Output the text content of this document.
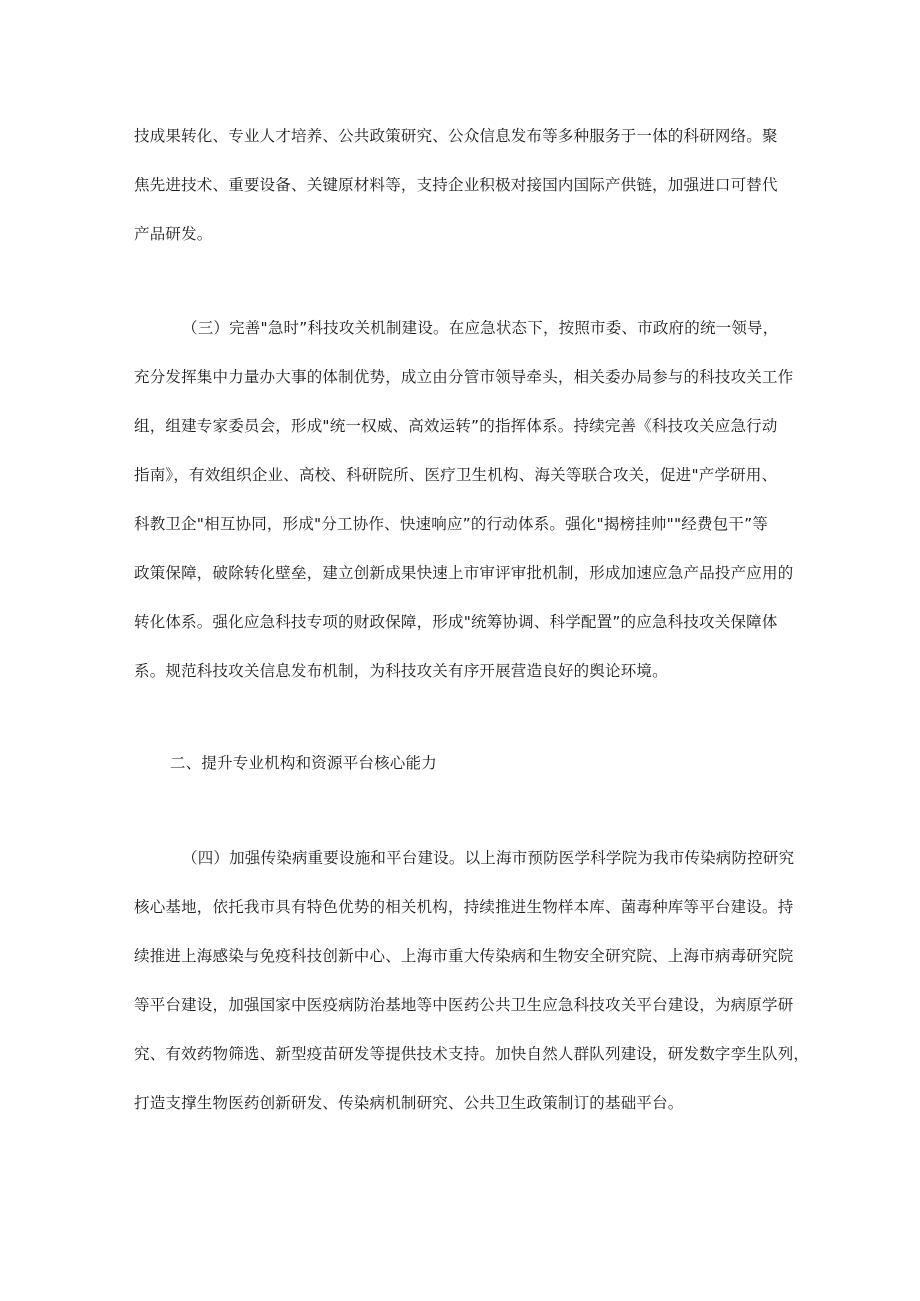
技成果转化、专业人才培养、公共政策研究、公众信息发布等多种服务于一体的科研网络。聚
焦先进技术、重要设备、关键原材料等，支持企业积极对接国内国际产供链，加强进口可替代
产品研发。
（三）完善"急时”科技攻关机制建设。在应急状态下，按照市委、市政府的统一领导，
充分发挥集中力量办大事的体制优势，成立由分管市领导牵头，相关委办局参与的科技攻关工作
组，组建专家委员会，形成"统一权威、高效运转”的指挥体系。持续完善《科技攻关应急行动
指南》，有效组织企业、高校、科研院所、医疗卫生机构、海关等联合攻关，促进"产学研用、
科教卫企"相互协同，形成"分工协作、快速响应”的行动体系。强化"揭榜挂帅""经费包干”等
政策保障，破除转化壁垒，建立创新成果快速上市审评审批机制，形成加速应急产品投产应用的
转化体系。强化应急科技专项的财政保障，形成"统筹协调、科学配置”的应急科技攻关保障体
系。规范科技攻关信息发布机制，为科技攻关有序开展营造良好的舆论环境。
二、提升专业机构和资源平台核心能力
（四）加强传染病重要设施和平台建设。以上海市预防医学科学院为我市传染病防控研究
核心基地，依托我市具有特色优势的相关机构，持续推进生物样本库、菌毒种库等平台建设。持
续推进上海感染与免疫科技创新中心、上海市重大传染病和生物安全研究院、上海市病毒研究院
等平台建设，加强国家中医疫病防治基地等中医药公共卫生应急科技攻关平台建设，为病原学研
究、有效药物筛选、新型疫苗研发等提供技术支持。加快自然人群队列建设，研发数字孪生队列，
打造支撑生物医药创新研发、传染病机制研究、公共卫生政策制订的基础平台。
